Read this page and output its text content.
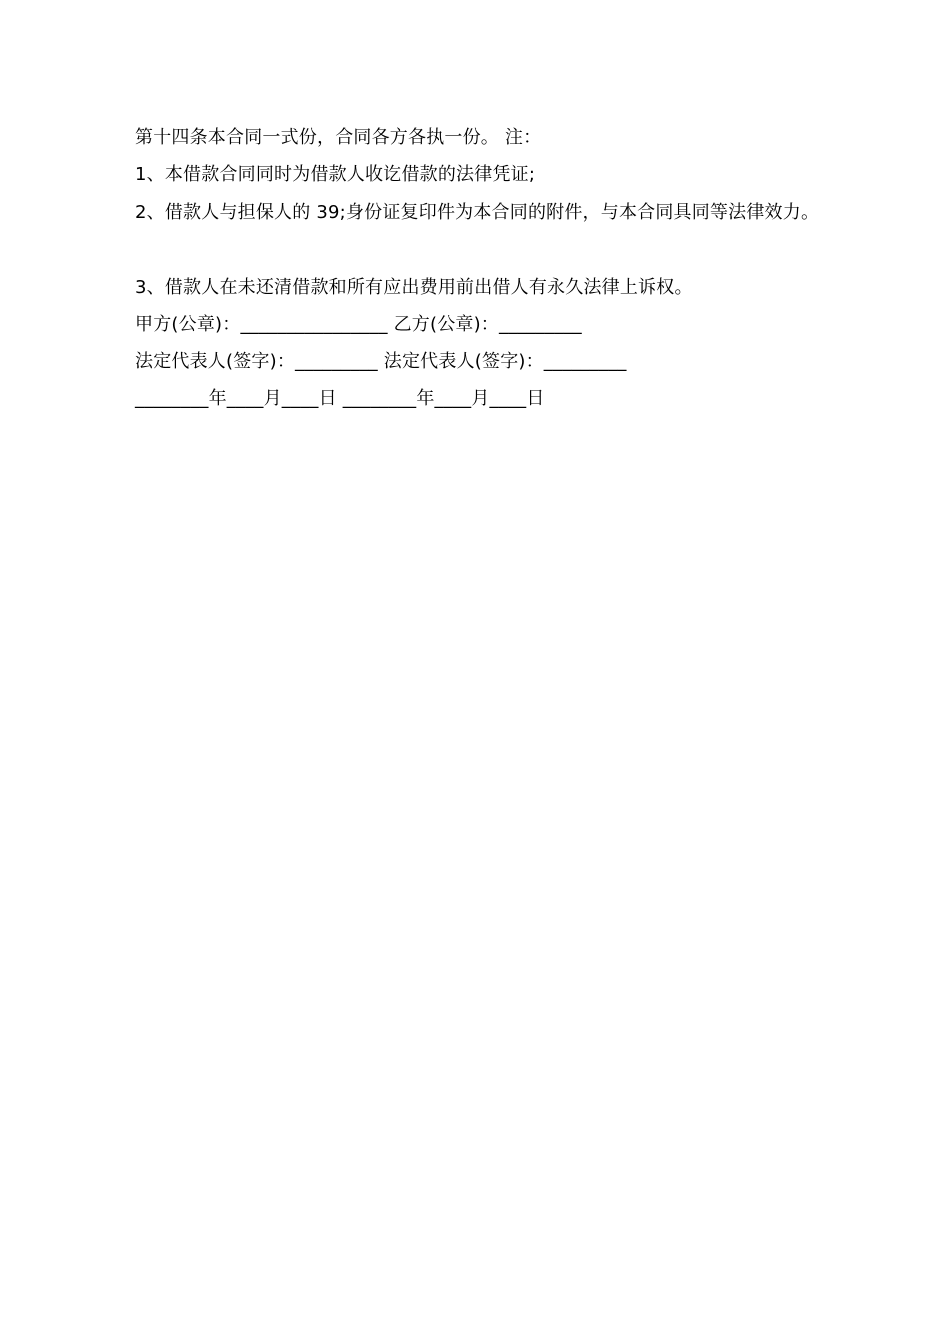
第十四条本合同一式份，合同各方各执一份。 注：
1、本借款合同同时为借款人收讫借款的法律凭证;
2、借款人与担保人的 39;身份证复印件为本合同的附件，与本合同具同等法律效力。
3、借款人在未还清借款和所有应出费用前出借人有永久法律上诉权。
甲方(公章)：________________ 乙方(公章)：_________
法定代表人(签字)：_________ 法定代表人(签字)：_________
________年____月____日 ________年____月____日
